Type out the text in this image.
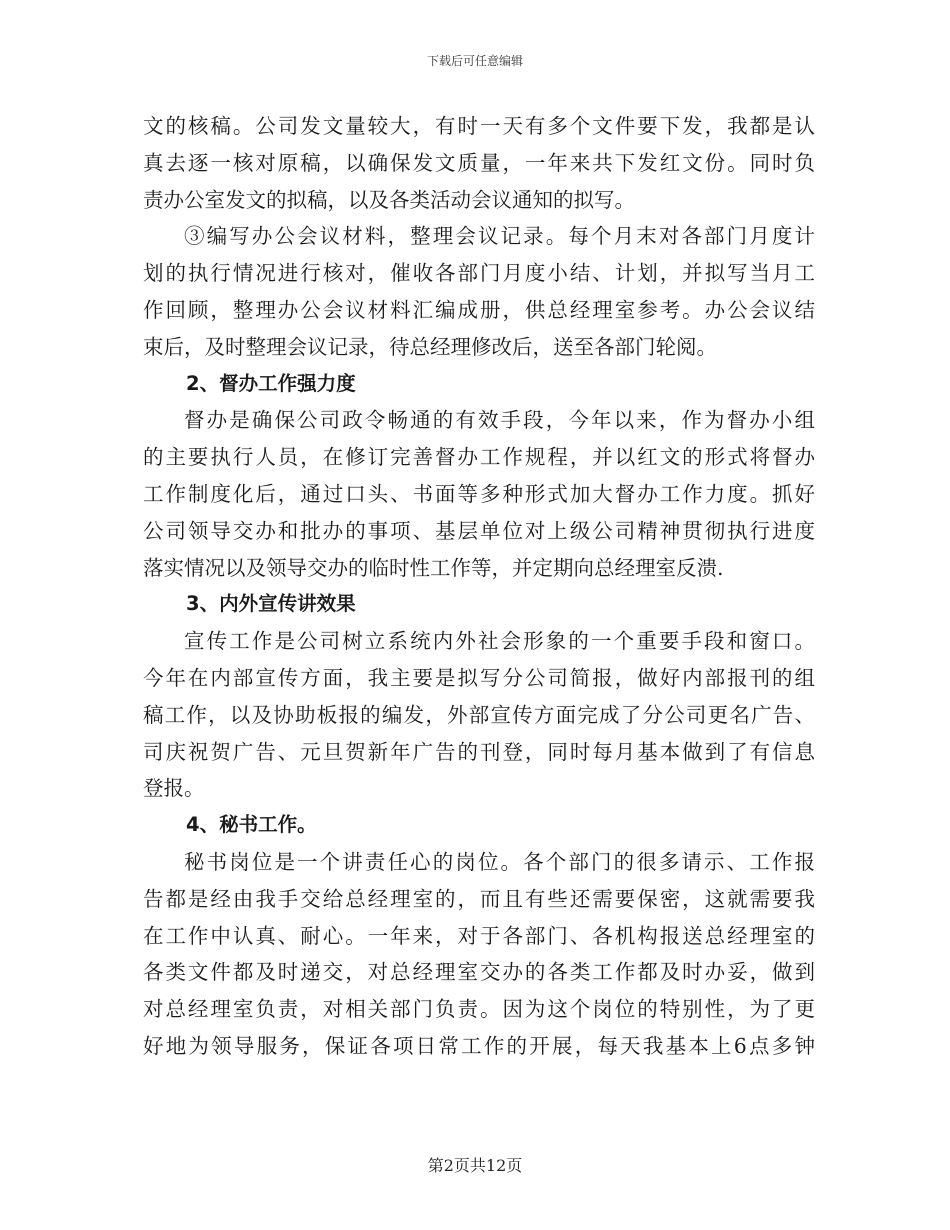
下载后可任意编辑
文的核稿。公司发文量较大，有时一天有多个文件要下发，我都是认
真去逐一核对原稿，以确保发文质量，一年来共下发红文份。同时负
责办公室发文的拟稿，以及各类活动会议通知的拟写。
③编写办公会议材料，整理会议记录。每个月末对各部门月度计
划的执行情况进行核对，催收各部门月度小结、计划，并拟写当月工
作回顾，整理办公会议材料汇编成册，供总经理室参考。办公会议结
束后，及时整理会议记录，待总经理修改后，送至各部门轮阅。
2、督办工作强力度
督办是确保公司政令畅通的有效手段，今年以来，作为督办小组
的主要执行人员，在修订完善督办工作规程，并以红文的形式将督办
工作制度化后，通过口头、书面等多种形式加大督办工作力度。抓好
公司领导交办和批办的事项、基层单位对上级公司精神贯彻执行进度
落实情况以及领导交办的临时性工作等，并定期向总经理室反溃.
3、内外宣传讲效果
宣传工作是公司树立系统内外社会形象的一个重要手段和窗口。
今年在内部宣传方面，我主要是拟写分公司简报，做好内部报刊的组
稿工作，以及协助板报的编发，外部宣传方面完成了分公司更名广告、
司庆祝贺广告、元旦贺新年广告的刊登，同时每月基本做到了有信息
登报。
4、秘书工作。
秘书岗位是一个讲责任心的岗位。各个部门的很多请示、工作报
告都是经由我手交给总经理室的，而且有些还需要保密，这就需要我
在工作中认真、耐心。一年来，对于各部门、各机构报送总经理室的
各类文件都及时递交，对总经理室交办的各类工作都及时办妥，做到
对总经理室负责，对相关部门负责。因为这个岗位的特别性，为了更
好地为领导服务，保证各项日常工作的开展，每天我基本上6点多钟
第2页共12页
